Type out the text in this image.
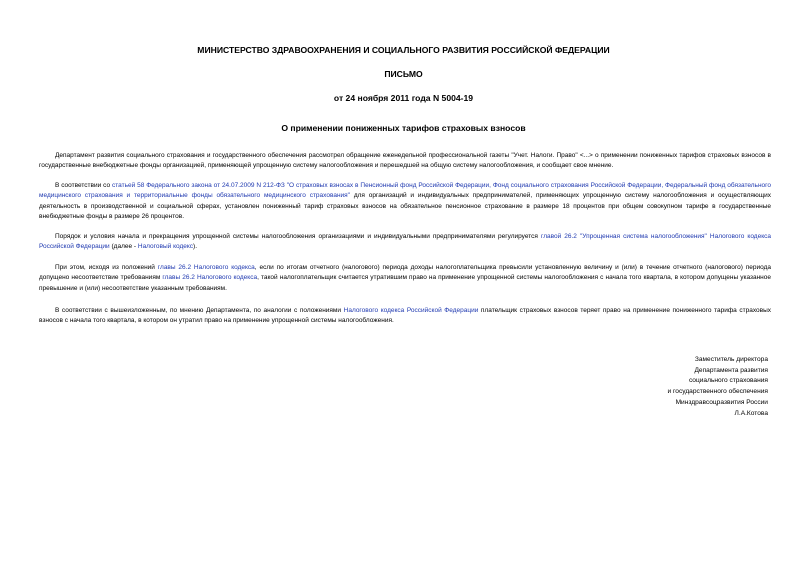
МИНИСТЕРСТВО ЗДРАВООХРАНЕНИЯ И СОЦИАЛЬНОГО РАЗВИТИЯ РОССИЙСКОЙ ФЕДЕРАЦИИ
ПИСЬМО
от 24 ноября 2011 года N 5004-19
О применении пониженных тарифов страховых взносов
Департамент развития социального страхования и государственного обеспечения рассмотрел обращение еженедельной профессиональной газеты "Учет. Налоги. Право" <...> о применении пониженных тарифов страховых взносов в государственные внебюджетные фонды организацией, применяющей упрощенную систему налогообложения и перешедшей на общую систему налогообложения, и сообщает свое мнение.
В соответствии со статьей 58 Федерального закона от 24.07.2009 N 212-ФЗ "О страховых взносах в Пенсионный фонд Российской Федерации, Фонд социального страхования Российской Федерации, Федеральный фонд обязательного медицинского страхования и территориальные фонды обязательного медицинского страхования" для организаций и индивидуальных предпринимателей, применяющих упрощенную систему налогообложения и осуществляющих деятельность в производственной и социальной сферах, установлен пониженный тариф страховых взносов на обязательное пенсионное страхование в размере 18 процентов при общем совокупном тарифе в государственные внебюджетные фонды в размере 26 процентов.
Порядок и условия начала и прекращения упрощенной системы налогообложения организациями и индивидуальными предпринимателями регулируется главой 26.2 "Упрощенная система налогообложения" Налогового кодекса Российской Федерации (далее - Налоговый кодекс).
При этом, исходя из положений главы 26.2 Налогового кодекса, если по итогам отчетного (налогового) периода доходы налогоплательщика превысили установленную величину и (или) в течение отчетного (налогового) периода допущено несоответствие требованиям главы 26.2 Налогового кодекса, такой налогоплательщик считается утратившим право на применение упрощенной системы налогообложения с начала того квартала, в котором допущены указанное превышение и (или) несоответствие указанным требованиям.
В соответствии с вышеизложенным, по мнению Департамента, по аналогии с положениями Налогового кодекса Российской Федерации плательщик страховых взносов теряет право на применение пониженного тарифа страховых взносов с начала того квартала, в котором он утратил право на применение упрощенной системы налогообложения.
Заместитель директора
Департамента развития
социального страхования
и государственного обеспечения
Минздравсоцразвития России
Л.А.Котова
